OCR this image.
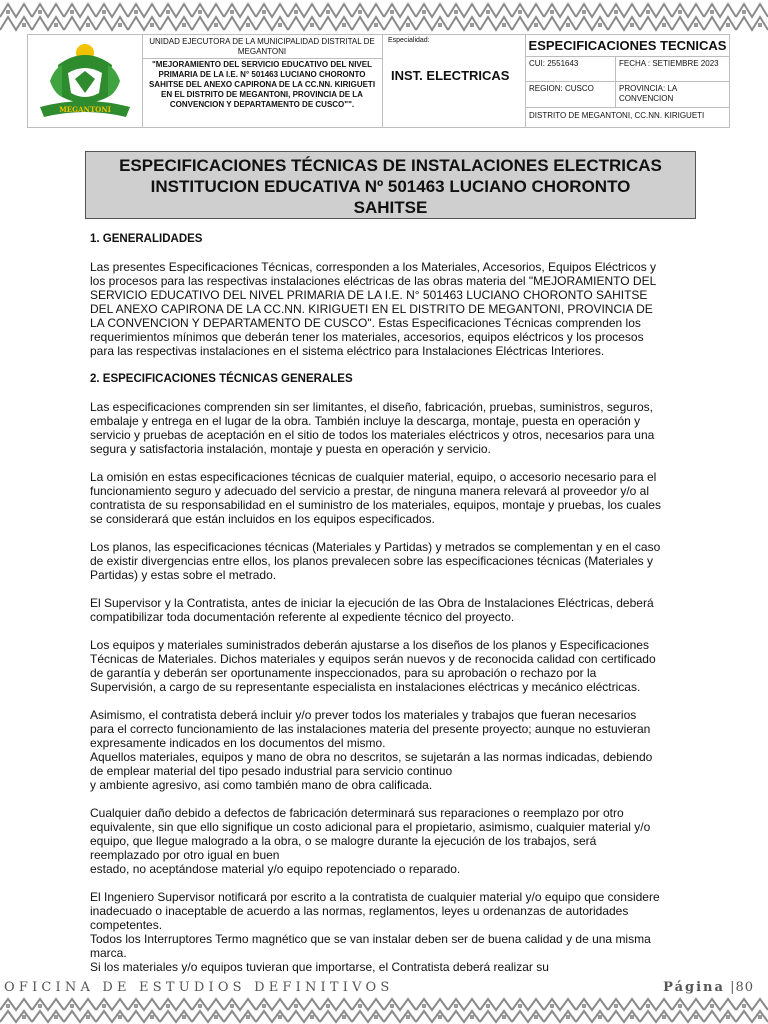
MEGANTONI
UNIDAD EJECUTORA DE LA MUNICIPALIDAD DISTRITAL DE MEGANTONI
"MEJORAMIENTO DEL SERVICIO EDUCATIVO DEL NIVEL PRIMARIA DE LA I.E. N° 501463 LUCIANO CHORONTO SAHITSE DEL ANEXO CAPIRONA DE LA CC.NN. KIRIGUETI EN EL DISTRITO DE MEGANTONI, PROVINCIA DE LA CONVENCION Y DEPARTAMENTO DE CUSCO"".
Especialidad:
INST. ELECTRICAS
ESPECIFICACIONES TECNICAS
CUI: 2551643	FECHA : SETIEMBRE 2023
REGION: CUSCO	PROVINCIA: LA CONVENCION
DISTRITO DE MEGANTONI, CC.NN. KIRIGUETI
ESPECIFICACIONES TÉCNICAS DE INSTALACIONES ELECTRICAS
INSTITUCION EDUCATIVA Nº 501463 LUCIANO CHORONTO
SAHITSE

1. GENERALIDADES

Las presentes Especificaciones Técnicas, corresponden a los Materiales, Accesorios, Equipos Eléctricos y
los procesos para las respectivas instalaciones eléctricas de las obras materia del "MEJORAMIENTO DEL
SERVICIO EDUCATIVO DEL NIVEL PRIMARIA DE LA I.E. N° 501463 LUCIANO CHORONTO SAHITSE
DEL ANEXO CAPIRONA DE LA CC.NN. KIRIGUETI EN EL DISTRITO DE MEGANTONI, PROVINCIA DE
LA CONVENCION Y DEPARTAMENTO DE CUSCO". Estas Especificaciones Técnicas comprenden los
requerimientos mínimos que deberán tener los materiales, accesorios, equipos eléctricos y los procesos
para las respectivas instalaciones en el sistema eléctrico para Instalaciones Eléctricas Interiores.

2. ESPECIFICACIONES TÉCNICAS GENERALES

Las especificaciones comprenden sin ser limitantes, el diseño, fabricación, pruebas, suministros, seguros,
embalaje y entrega en el lugar de la obra. También incluye la descarga, montaje, puesta en operación y
servicio y pruebas de aceptación en el sitio de todos los materiales eléctricos y otros, necesarios para una
segura y satisfactoria instalación, montaje y puesta en operación y servicio.

La omisión en estas especificaciones técnicas de cualquier material, equipo, o accesorio necesario para el
funcionamiento seguro y adecuado del servicio a prestar, de ninguna manera relevará al proveedor y/o al
contratista de su responsabilidad en el suministro de los materiales, equipos, montaje y pruebas, los cuales
se considerará que están incluidos en los equipos especificados.

Los planos, las especificaciones técnicas (Materiales y Partidas) y metrados se complementan y en el caso
de existir divergencias entre ellos, los planos prevalecen sobre las especificaciones técnicas (Materiales y
Partidas) y estas sobre el metrado.

El Supervisor y la Contratista, antes de iniciar la ejecución de las Obra de Instalaciones Eléctricas, deberá
compatibilizar toda documentación referente al expediente técnico del proyecto.

Los equipos y materiales suministrados deberán ajustarse a los diseños de los planos y Especificaciones
Técnicas de Materiales. Dichos materiales y equipos serán nuevos y de reconocida calidad con certificado
de garantía y deberán ser oportunamente inspeccionados, para su aprobación o rechazo por la
Supervisión, a cargo de su representante especialista en instalaciones eléctricas y mecánico eléctricas.

Asimismo, el contratista deberá incluir y/o prever todos los materiales y trabajos que fueran necesarios
para el correcto funcionamiento de las instalaciones materia del presente proyecto; aunque no estuvieran
expresamente indicados en los documentos del mismo.
Aquellos materiales, equipos y mano de obra no descritos, se sujetarán a las normas indicadas, debiendo
de emplear material del tipo pesado industrial para servicio continuo
y ambiente agresivo, asi como también mano de obra calificada.

Cualquier daño debido a defectos de fabricación determinará sus reparaciones o reemplazo por otro
equivalente, sin que ello signifique un costo adicional para el propietario, asimismo, cualquier material y/o
equipo, que llegue malogrado a la obra, o se malogre durante la ejecución de los trabajos, será
reemplazado por otro igual en buen
estado, no aceptándose material y/o equipo repotenciado o reparado.

El Ingeniero Supervisor notificará por escrito a la contratista de cualquier material y/o equipo que considere
inadecuado o inaceptable de acuerdo a las normas, reglamentos, leyes u ordenanzas de autoridades
competentes.
Todos los Interruptores Termo magnético que se van instalar deben ser de buena calidad y de una misma
marca.
Si los materiales y/o equipos tuvieran que importarse, el Contratista deberá realizar su

OFICINA DE ESTUDIOS DEFINITIVOS	Página |80
